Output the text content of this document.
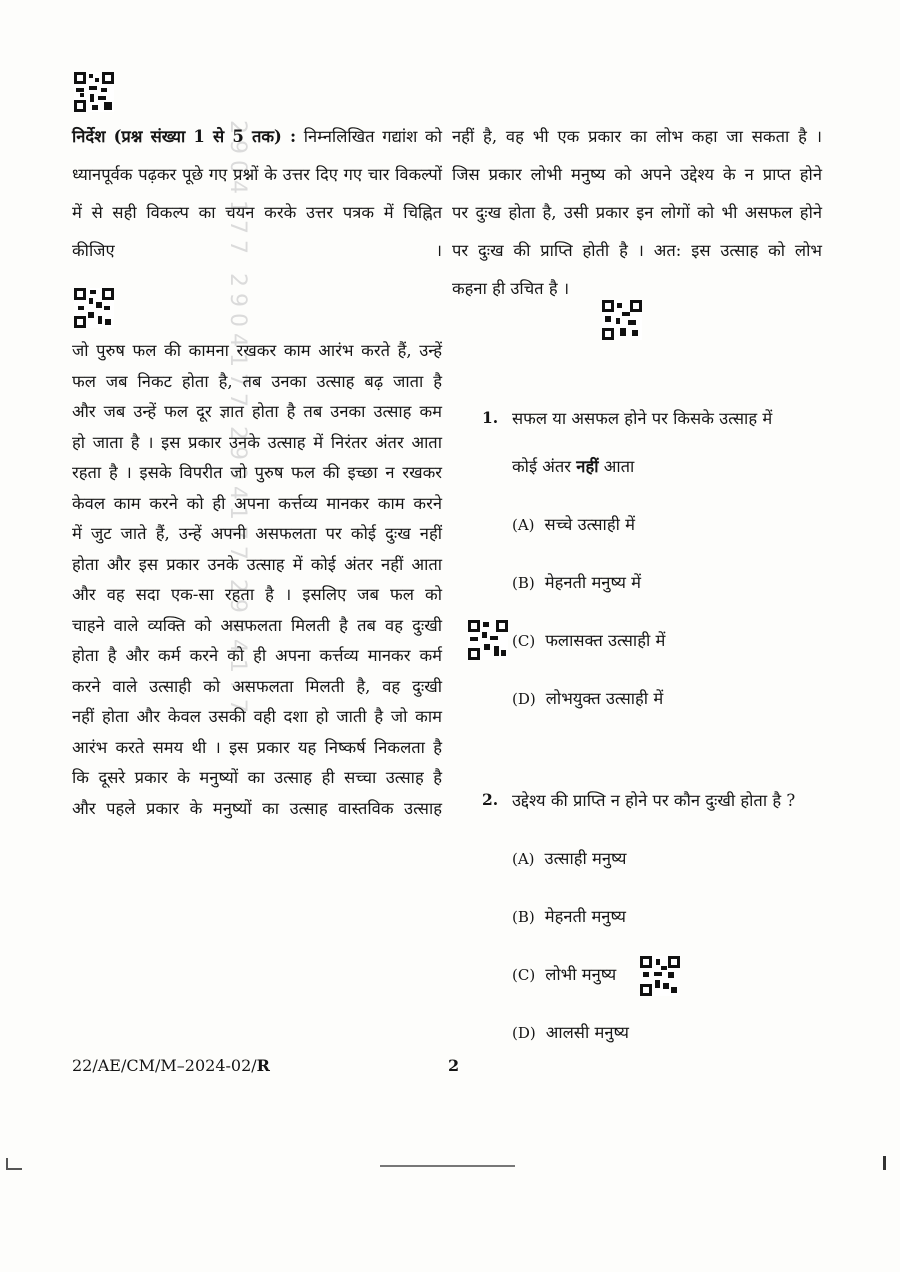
2904177 2904177 2904177 2904177

निर्देश (प्रश्न संख्या 1 से 5 तक) : निम्नलिखित गद्यांश को ध्यानपूर्वक पढ़कर पूछे गए प्रश्नों के उत्तर दिए गए चार विकल्पों में से सही विकल्प का चयन करके उत्तर पत्रक में चिह्नित कीजिए ।

जो पुरुष फल की कामना रखकर काम आरंभ करते हैं, उन्हें

फल जब निकट होता है, तब उनका उत्साह बढ़ जाता है

और जब उन्हें फल दूर ज्ञात होता है तब उनका उत्साह कम

हो जाता है । इस प्रकार उनके उत्साह में निरंतर अंतर आता

रहता है । इसके विपरीत जो पुरुष फल की इच्छा न रखकर

केवल काम करने को ही अपना कर्त्तव्य मानकर काम करने

में जुट जाते हैं, उन्हें अपनी असफलता पर कोई दुःख नहीं

होता और इस प्रकार उनके उत्साह में कोई अंतर नहीं आता

और वह सदा एक-सा रहता है । इसलिए जब फल को

चाहने वाले व्यक्ति को असफलता मिलती है तब वह दुःखी

होता है और कर्म करने को ही अपना कर्त्तव्य मानकर कर्म

करने वाले उत्साही को असफलता मिलती है, वह दुःखी

नहीं होता और केवल उसकी वही दशा हो जाती है जो काम

आरंभ करते समय थी । इस प्रकार यह निष्कर्ष निकलता है

कि दूसरे प्रकार के मनुष्यों का उत्साह ही सच्चा उत्साह है

और पहले प्रकार के मनुष्यों का उत्साह वास्तविक उत्साह

नहीं है, वह भी एक प्रकार का लोभ कहा जा सकता है ।

जिस प्रकार लोभी मनुष्य को अपने उद्देश्य के न प्राप्त होने

पर दुःख होता है, उसी प्रकार इन लोगों को भी असफल होने

पर दुःख की प्राप्ति होती है । अत: इस उत्साह को लोभ

कहना ही उचित है ।

1. सफल या असफल होने पर किसके उत्साह में
कोई अंतर नहीं आता
(A) सच्चे उत्साही में
(B) मेहनती मनुष्य में
(C) फलासक्त उत्साही में
(D) लोभयुक्त उत्साही में
2. उद्देश्य की प्राप्ति न होने पर कौन दुःखी होता है ?
(A) उत्साही मनुष्य
(B) मेहनती मनुष्य
(C) लोभी मनुष्य
(D) आलसी मनुष्य
22/AE/CM/M–2024-02/R	2
